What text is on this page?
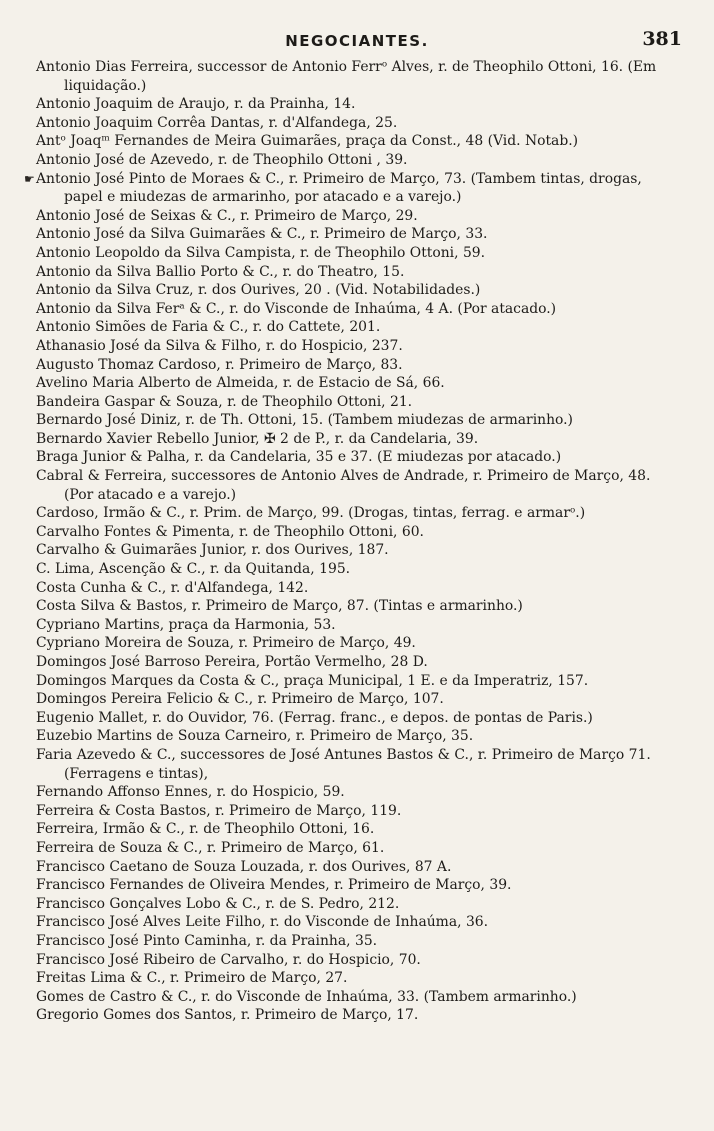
NEGOCIANTES.	381

Antonio Dias Ferreira, successor de Antonio Ferrᵒ Alves, r. de Theophilo Ottoni, 16. (Em liquidação.)

Antonio Joaquim de Araujo, r. da Prainha, 14.

Antonio Joaquim Corrêa Dantas, r. d'Alfandega, 25.

Antᵒ Joaqᵐ Fernandes de Meira Guimarães, praça da Const., 48 (Vid. Notab.)

Antonio José de Azevedo, r. de Theophilo Ottoni , 39.

☛Antonio José Pinto de Moraes & C., r. Primeiro de Março, 73. (Tambem tintas, drogas, papel e miudezas de armarinho, por atacado e a varejo.)

Antonio José de Seixas & C., r. Primeiro de Março, 29.

Antonio José da Silva Guimarães & C., r. Primeiro de Março, 33.

Antonio Leopoldo da Silva Campista, r. de Theophilo Ottoni, 59.

Antonio da Silva Ballio Porto & C., r. do Theatro, 15.

Antonio da Silva Cruz, r. dos Ourives, 20 . (Vid. Notabilidades.)

Antonio da Silva Ferᵃ & C., r. do Visconde de Inhaúma, 4 A. (Por atacado.)

Antonio Simões de Faria & C., r. do Cattete, 201.

Athanasio José da Silva & Filho, r. do Hospicio, 237.

Augusto Thomaz Cardoso, r. Primeiro de Março, 83.

Avelino Maria Alberto de Almeida, r. de Estacio de Sá, 66.

Bandeira Gaspar & Souza, r. de Theophilo Ottoni, 21.

Bernardo José Diniz, r. de Th. Ottoni, 15. (Tambem miudezas de armarinho.)

Bernardo Xavier Rebello Junior, ✠ 2 de P., r. da Candelaria, 39.

Braga Junior & Palha, r. da Candelaria, 35 e 37. (E miudezas por atacado.)

Cabral & Ferreira, successores de Antonio Alves de Andrade, r. Primeiro de Março, 48. (Por atacado e a varejo.)

Cardoso, Irmão & C., r. Prim. de Março, 99. (Drogas, tintas, ferrag. e armarᵒ.)

Carvalho Fontes & Pimenta, r. de Theophilo Ottoni, 60.

Carvalho & Guimarães Junior, r. dos Ourives, 187.

C. Lima, Ascenção & C., r. da Quitanda, 195.

Costa Cunha & C., r. d'Alfandega, 142.

Costa Silva & Bastos, r. Primeiro de Março, 87. (Tintas e armarinho.)

Cypriano Martins, praça da Harmonia, 53.

Cypriano Moreira de Souza, r. Primeiro de Março, 49.

Domingos José Barroso Pereira, Portão Vermelho, 28 D.

Domingos Marques da Costa & C., praça Municipal, 1 E. e da Imperatriz, 157.

Domingos Pereira Felicio & C., r. Primeiro de Março, 107.

Eugenio Mallet, r. do Ouvidor, 76. (Ferrag. franc., e depos. de pontas de Paris.)

Euzebio Martins de Souza Carneiro, r. Primeiro de Março, 35.

Faria Azevedo & C., successores de José Antunes Bastos & C., r. Primeiro de Março 71. (Ferragens e tintas),

Fernando Affonso Ennes, r. do Hospicio, 59.

Ferreira & Costa Bastos, r. Primeiro de Março, 119.

Ferreira, Irmão & C., r. de Theophilo Ottoni, 16.

Ferreira de Souza & C., r. Primeiro de Março, 61.

Francisco Caetano de Souza Louzada, r. dos Ourives, 87 A.

Francisco Fernandes de Oliveira Mendes, r. Primeiro de Março, 39.

Francisco Gonçalves Lobo & C., r. de S. Pedro, 212.

Francisco José Alves Leite Filho, r. do Visconde de Inhaúma, 36.

Francisco José Pinto Caminha, r. da Prainha, 35.

Francisco José Ribeiro de Carvalho, r. do Hospicio, 70.

Freitas Lima & C., r. Primeiro de Março, 27.

Gomes de Castro & C., r. do Visconde de Inhaúma, 33. (Tambem armarinho.)

Gregorio Gomes dos Santos, r. Primeiro de Março, 17.
